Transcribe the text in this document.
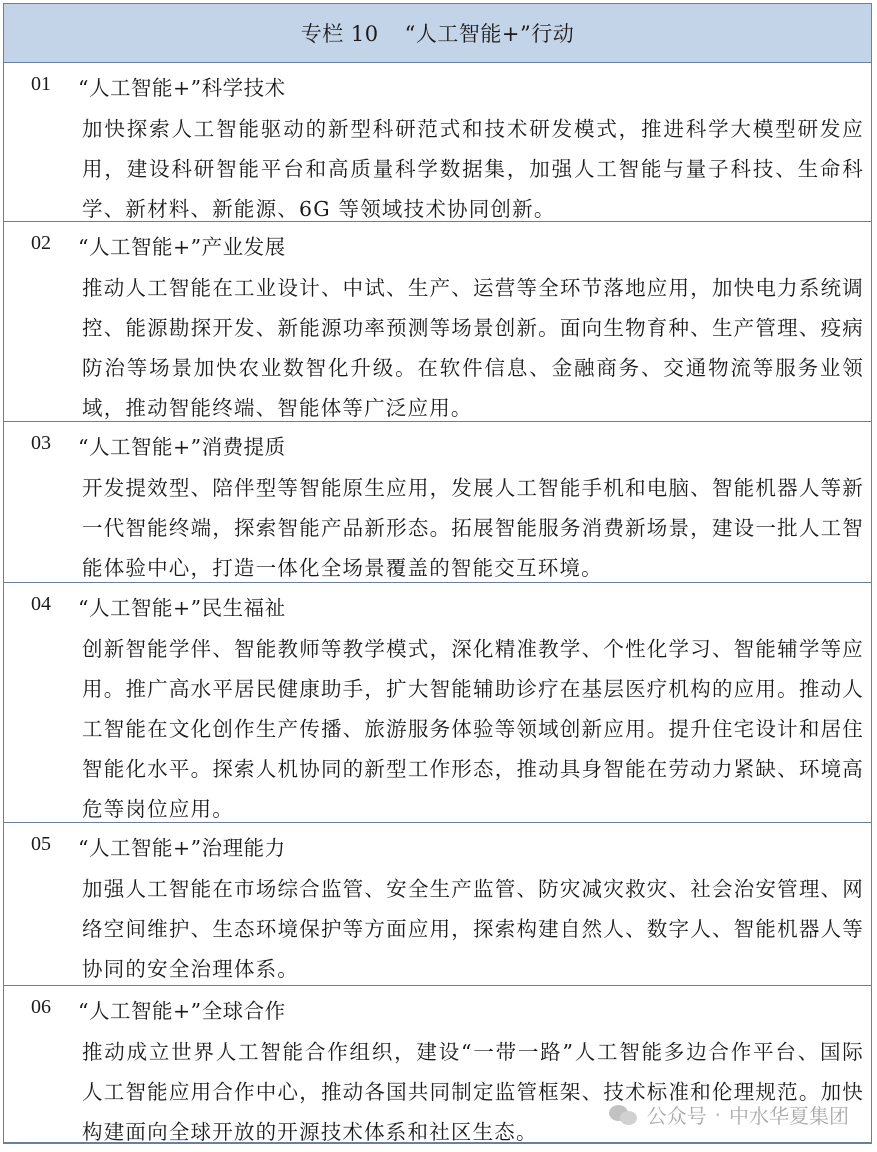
专栏 10 “人工智能+”行动
01 “人工智能+”科学技术
加快探索人工智能驱动的新型科研范式和技术研发模式，推进科学大模型研发应用，建设科研智能平台和高质量科学数据集，加强人工智能与量子科技、生命科学、新材料、新能源、6G 等领域技术协同创新。
02 “人工智能+”产业发展
推动人工智能在工业设计、中试、生产、运营等全环节落地应用，加快电力系统调控、能源勘探开发、新能源功率预测等场景创新。面向生物育种、生产管理、疫病防治等场景加快农业数智化升级。在软件信息、金融商务、交通物流等服务业领域，推动智能终端、智能体等广泛应用。
03 “人工智能+”消费提质
开发提效型、陪伴型等智能原生应用，发展人工智能手机和电脑、智能机器人等新一代智能终端，探索智能产品新形态。拓展智能服务消费新场景，建设一批人工智能体验中心，打造一体化全场景覆盖的智能交互环境。
04 “人工智能+”民生福祉
创新智能学伴、智能教师等教学模式，深化精准教学、个性化学习、智能辅学等应用。推广高水平居民健康助手，扩大智能辅助诊疗在基层医疗机构的应用。推动人工智能在文化创作生产传播、旅游服务体验等领域创新应用。提升住宅设计和居住智能化水平。探索人机协同的新型工作形态，推动具身智能在劳动力紧缺、环境高危等岗位应用。
05 “人工智能+”治理能力
加强人工智能在市场综合监管、安全生产监管、防灾减灾救灾、社会治安管理、网络空间维护、生态环境保护等方面应用，探索构建自然人、数字人、智能机器人等协同的安全治理体系。
06 “人工智能+”全球合作
推动成立世界人工智能合作组织，建设“一带一路”人工智能多边合作平台、国际人工智能应用合作中心，推动各国共同制定监管框架、技术标准和伦理规范。加快构建面向全球开放的开源技术体系和社区生态。
公众号 · 中水华夏集团
